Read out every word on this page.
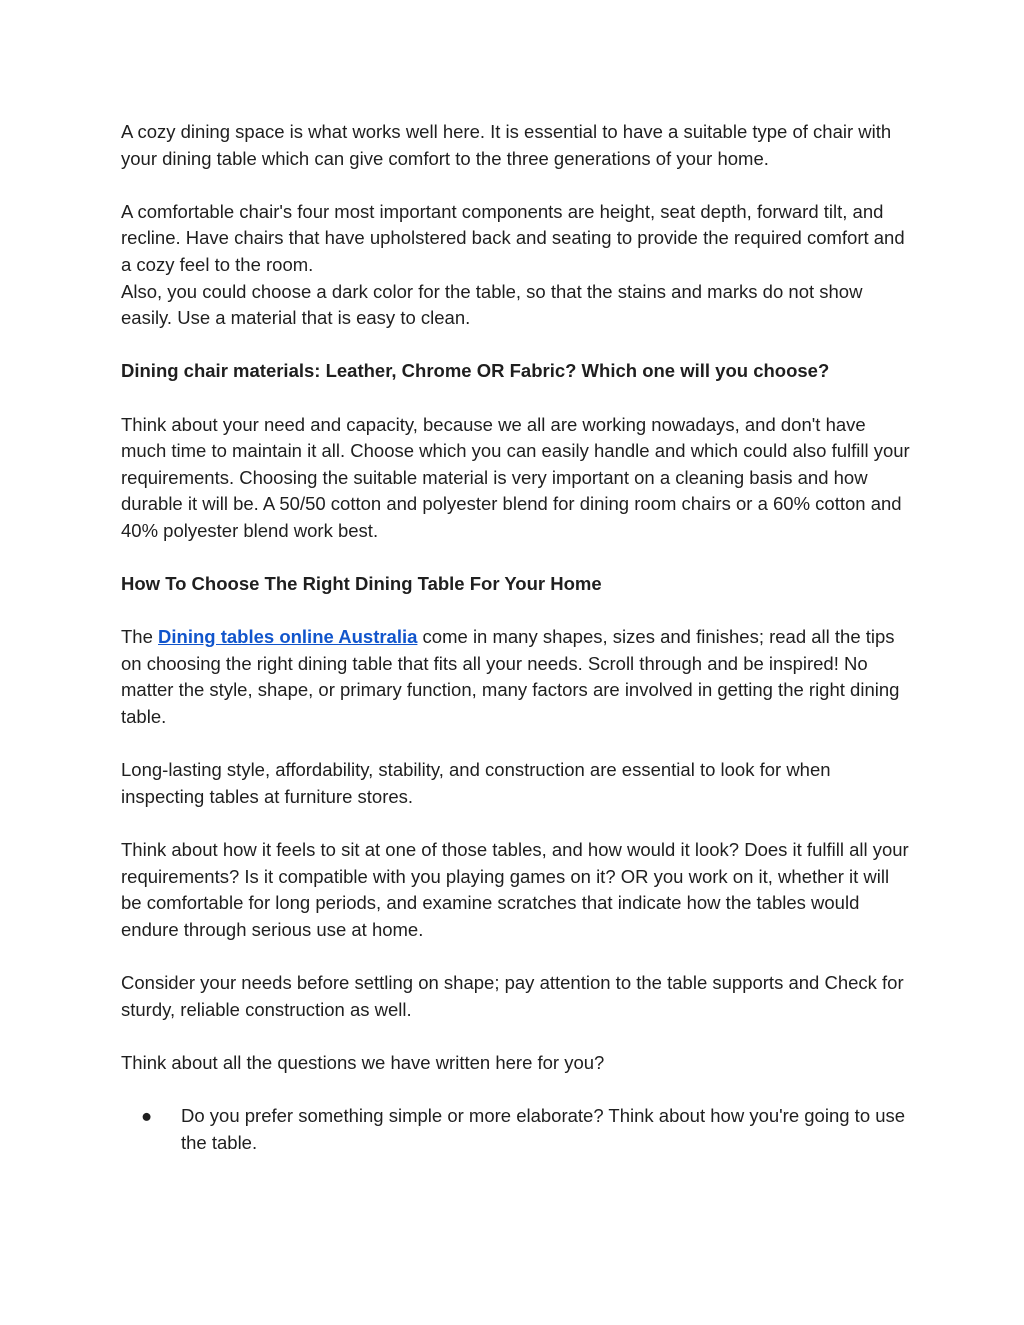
A cozy dining space is what works well here. It is essential to have a suitable type of chair with your dining table which can give comfort to the three generations of your home.

A comfortable chair's four most important components are height, seat depth, forward tilt, and recline. Have chairs that have upholstered back and seating to provide the required comfort and a cozy feel to the room.

Also, you could choose a dark color for the table, so that the stains and marks do not show easily. Use a material that is easy to clean.

Dining chair materials: Leather, Chrome OR Fabric? Which one will you choose?

Think about your need and capacity, because we all are working nowadays, and don't have much time to maintain it all. Choose which you can easily handle and which could also fulfill your requirements. Choosing the suitable material is very important on a cleaning basis and how durable it will be. A 50/50 cotton and polyester blend for dining room chairs or a 60% cotton and 40% polyester blend work best.

How To Choose The Right Dining Table For Your Home

The Dining tables online Australia come in many shapes, sizes and finishes; read all the tips on choosing the right dining table that fits all your needs. Scroll through and be inspired! No matter the style, shape, or primary function, many factors are involved in getting the right dining table.

Long-lasting style, affordability, stability, and construction are essential to look for when inspecting tables at furniture stores.

Think about how it feels to sit at one of those tables, and how would it look? Does it fulfill all your requirements? Is it compatible with you playing games on it? OR you work on it, whether it will be comfortable for long periods, and examine scratches that indicate how the tables would endure through serious use at home.

Consider your needs before settling on shape; pay attention to the table supports and Check for sturdy, reliable construction as well.

Think about all the questions we have written here for you?

● Do you prefer something simple or more elaborate? Think about how you're going to use the table.
